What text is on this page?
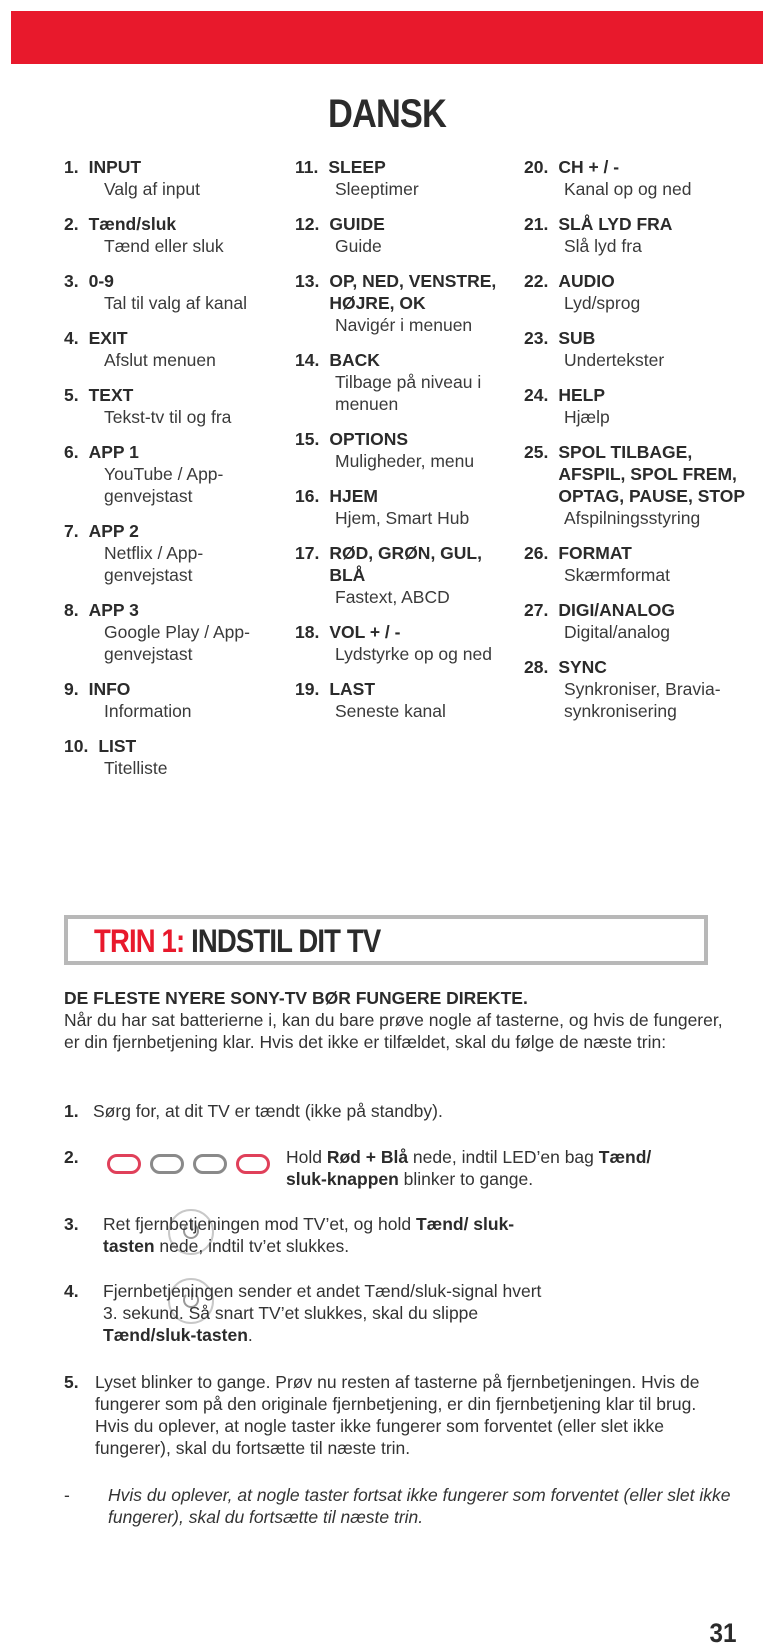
DANSK
1. INPUT
Valg af input
2. Tænd/sluk
Tænd eller sluk
3. 0-9
Tal til valg af kanal
4. EXIT
Afslut menuen
5. TEXT
Tekst-tv til og fra
6. APP 1
YouTube / App-genvejstast
7. APP 2
Netflix / App-genvejstast
8. APP 3
Google Play / App-genvejstast
9. INFO
Information
10. LIST
Titelliste
11. SLEEP
Sleeptimer
12. GUIDE
Guide
13. OP, NED, VENSTRE, HØJRE, OK
Navigér i menuen
14. BACK
Tilbage på niveau i menuen
15. OPTIONS
Muligheder, menu
16. HJEM
Hjem, Smart Hub
17. RØD, GRØN, GUL, BLÅ
Fastext, ABCD
18. VOL + / -
Lydstyrke op og ned
19. LAST
Seneste kanal
20. CH + / -
Kanal op og ned
21. SLÅ LYD FRA
Slå lyd fra
22. AUDIO
Lyd/sprog
23. SUB
Undertekster
24. HELP
Hjælp
25. SPOL TILBAGE, AFSPIL, SPOL FREM, OPTAG, PAUSE, STOP
Afspilningsstyring
26. FORMAT
Skærmformat
27. DIGI/ANALOG
Digital/analog
28. SYNC
Synkroniser, Bravia-synkronisering
TRIN 1: INDSTIL DIT TV
DE FLESTE NYERE SONY-TV BØR FUNGERE DIREKTE.
Når du har sat batterierne i, kan du bare prøve nogle af tasterne, og hvis de fungerer, er din fjernbetjening klar. Hvis det ikke er tilfældet, skal du følge de næste trin:
1. Sørg for, at dit TV er tændt (ikke på standby).
2.	Hold Rød + Blå nede, indtil LED’en bag Tænd/ sluk-knappen blinker to gange.
3. Ret fjernbetjeningen mod TV’et, og hold Tænd/ sluk-tasten nede, indtil tv’et slukkes.
4. Fjernbetjeningen sender et andet Tænd/sluk-signal hvert 3. sekund. Så snart TV’et slukkes, skal du slippe Tænd/sluk-tasten.
5. Lyset blinker to gange. Prøv nu resten af tasterne på fjernbetjeningen. Hvis de fungerer som på den originale fjernbetjening, er din fjernbetjening klar til brug. Hvis du oplever, at nogle taster ikke fungerer som forventet (eller slet ikke fungerer), skal du fortsætte til næste trin.
-	Hvis du oplever, at nogle taster fortsat ikke fungerer som forventet (eller slet ikke fungerer), skal du fortsætte til næste trin.
31
